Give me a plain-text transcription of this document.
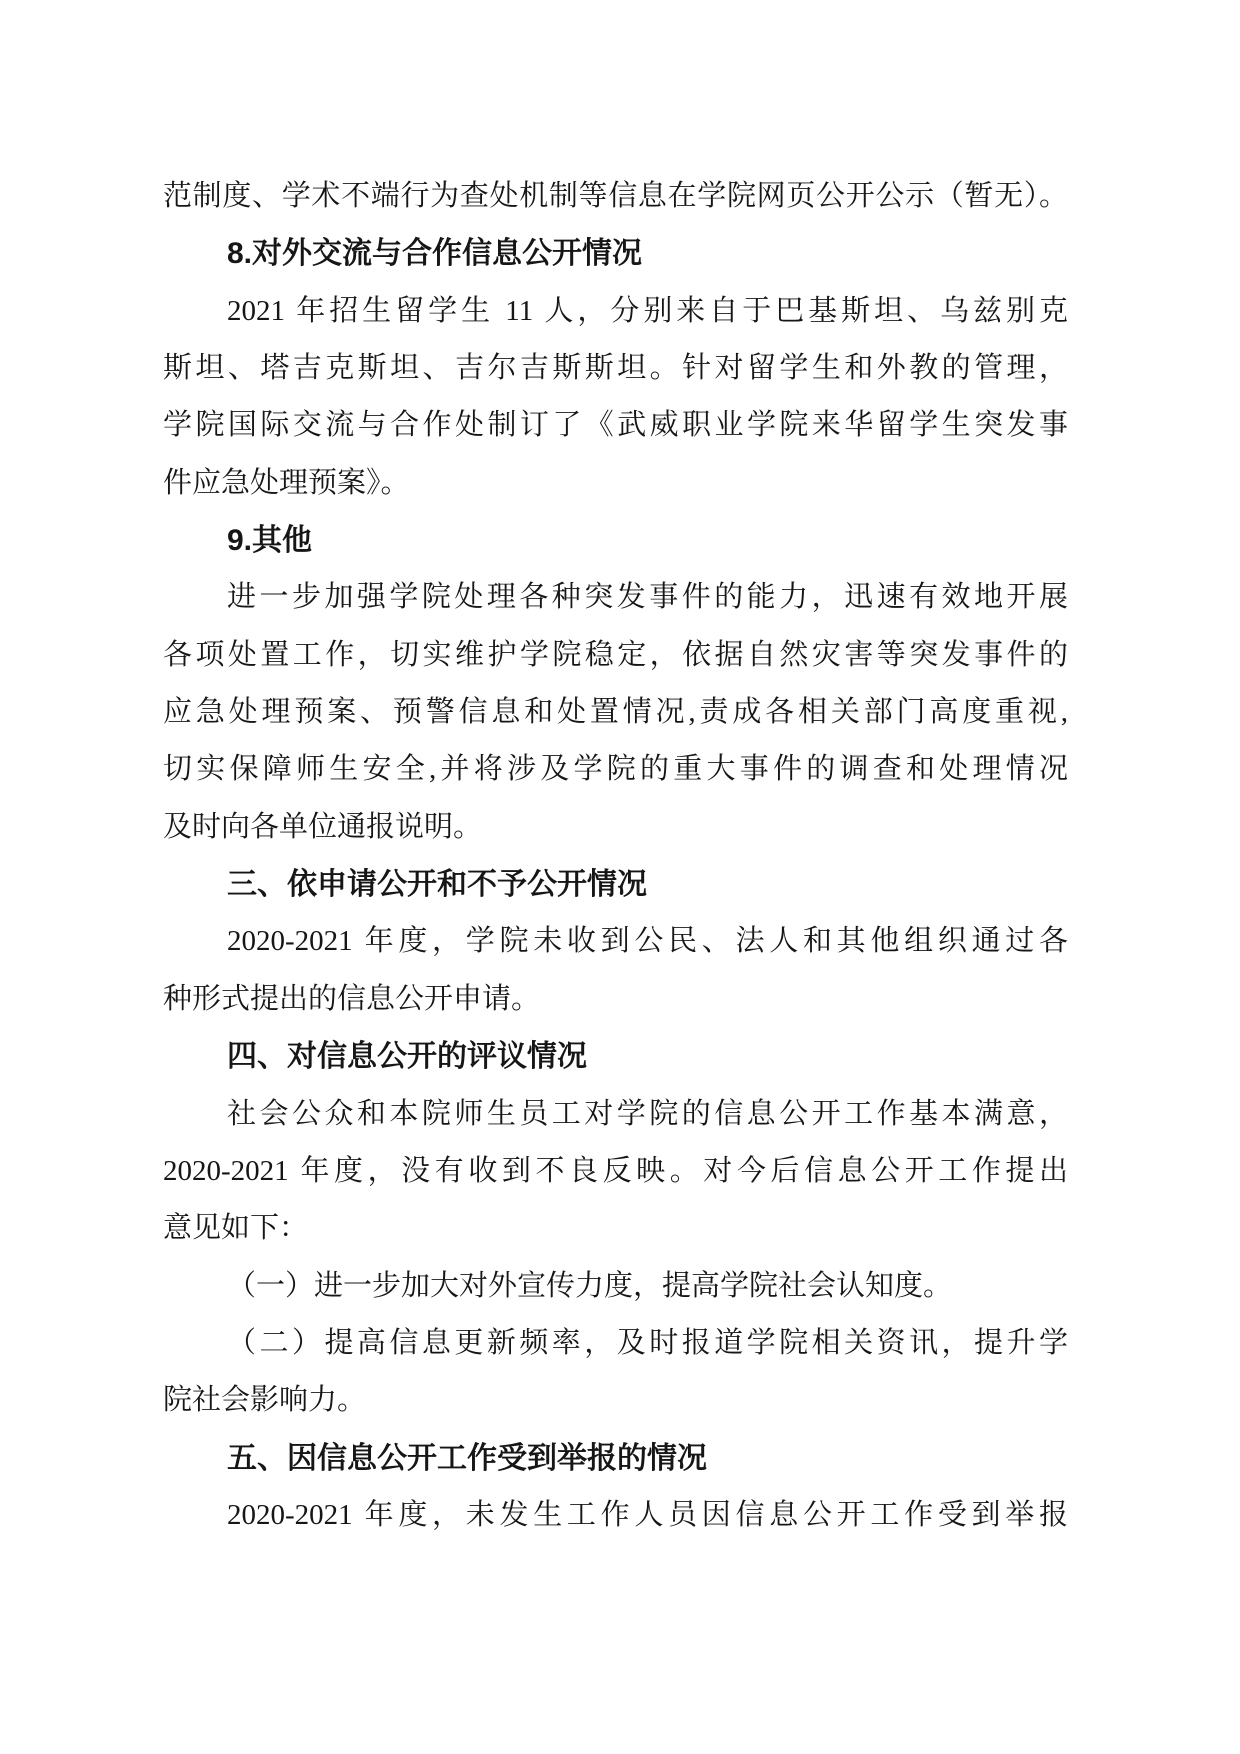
范制度、学术不端行为查处机制等信息在学院网页公开公示（暂无）。
8.对外交流与合作信息公开情况
2021 年招生留学生 11 人，分别来自于巴基斯坦、乌兹别克
斯坦、塔吉克斯坦、吉尔吉斯斯坦。针对留学生和外教的管理，
学院国际交流与合作处制订了《武威职业学院来华留学生突发事
件应急处理预案》。
9.其他
进一步加强学院处理各种突发事件的能力，迅速有效地开展
各项处置工作，切实维护学院稳定，依据自然灾害等突发事件的
应急处理预案、预警信息和处置情况,责成各相关部门高度重视,
切实保障师生安全,并将涉及学院的重大事件的调查和处理情况
及时向各单位通报说明。
三、依申请公开和不予公开情况
2020-2021 年度，学院未收到公民、法人和其他组织通过各
种形式提出的信息公开申请。
四、对信息公开的评议情况
社会公众和本院师生员工对学院的信息公开工作基本满意，
2020-2021 年度，没有收到不良反映。对今后信息公开工作提出
意见如下：
（一）进一步加大对外宣传力度，提高学院社会认知度。
（二）提高信息更新频率，及时报道学院相关资讯，提升学
院社会影响力。
五、因信息公开工作受到举报的情况
2020-2021 年度，未发生工作人员因信息公开工作受到举报
